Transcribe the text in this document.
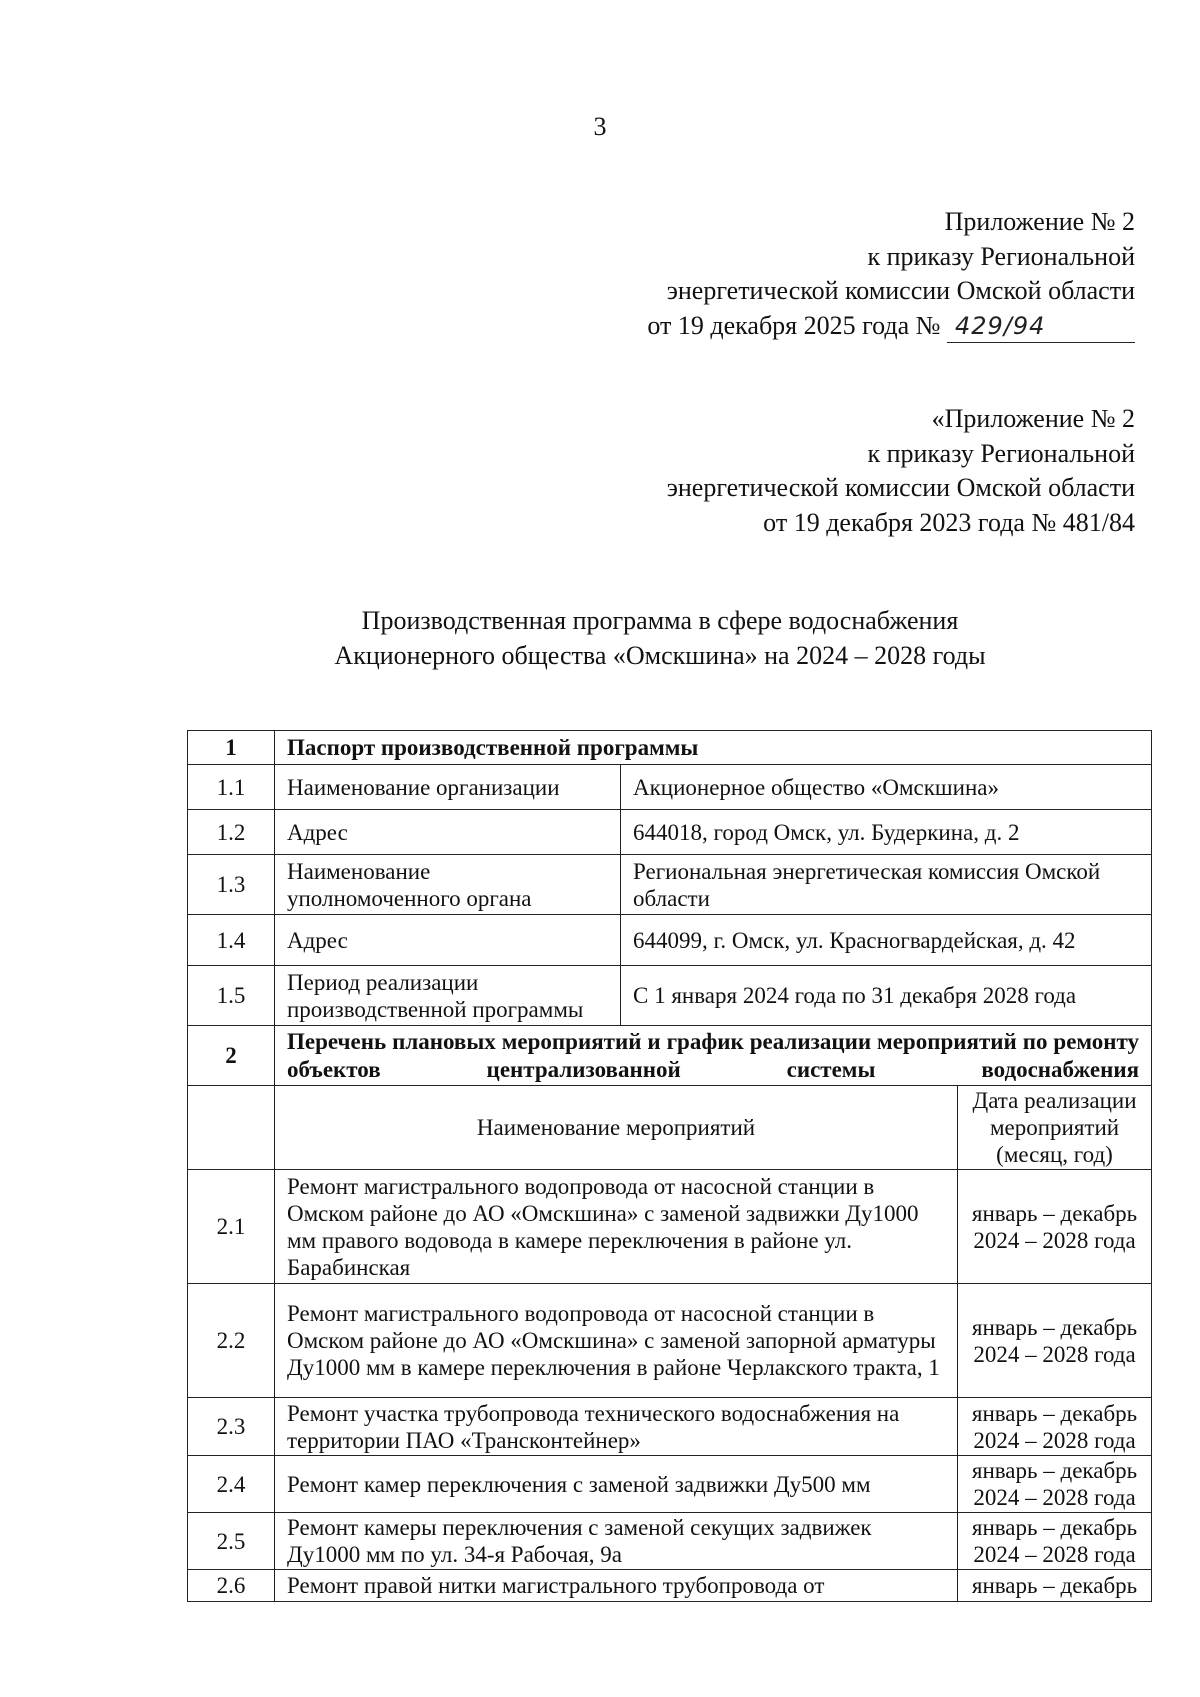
3
Приложение № 2
к приказу Региональной
энергетической комиссии Омской области
от 19 декабря 2025 года № 429/94
«Приложение № 2
к приказу Региональной
энергетической комиссии Омской области
от 19 декабря 2023 года № 481/84
Производственная программа в сфере водоснабжения
Акционерного общества «Омскшина» на 2024 – 2028 годы
1	Паспорт производственной программы		
1.1	Наименование организации	Акционерное общество «Омскшина»	
1.2	Адрес	644018, город Омск, ул. Будеркина, д. 2	
1.3	Наименование уполномоченного органа	Региональная энергетическая комиссия Омской области	
1.4	Адрес	644099, г. Омск, ул. Красногвардейская, д. 42	
1.5	Период реализации производственной программы	С 1 января 2024 года по 31 декабря 2028 года	
2	Перечень плановых мероприятий и график реализации мероприятий по ремонту объектов централизованной системы водоснабжения		
	Наименование мероприятий		Дата реализации мероприятий (месяц, год)
2.1	Ремонт магистрального водопровода от насосной станции в Омском районе до АО «Омскшина» с заменой задвижки Ду1000 мм правого водовода в камере переключения в районе ул. Барабинская		январь – декабрь 2024 – 2028 года
2.2	Ремонт магистрального водопровода от насосной станции в Омском районе до АО «Омскшина» с заменой запорной арматуры Ду1000 мм в камере переключения в районе Черлакского тракта, 1		январь – декабрь 2024 – 2028 года
2.3	Ремонт участка трубопровода технического водоснабжения на территории ПАО «Трансконтейнер»		январь – декабрь 2024 – 2028 года
2.4	Ремонт камер переключения с заменой задвижки Ду500 мм		январь – декабрь 2024 – 2028 года
2.5	Ремонт камеры переключения с заменой секущих задвижек Ду1000 мм по ул. 34-я Рабочая, 9а		январь – декабрь 2024 – 2028 года
2.6	Ремонт правой нитки магистрального трубопровода от		январь – декабрь
